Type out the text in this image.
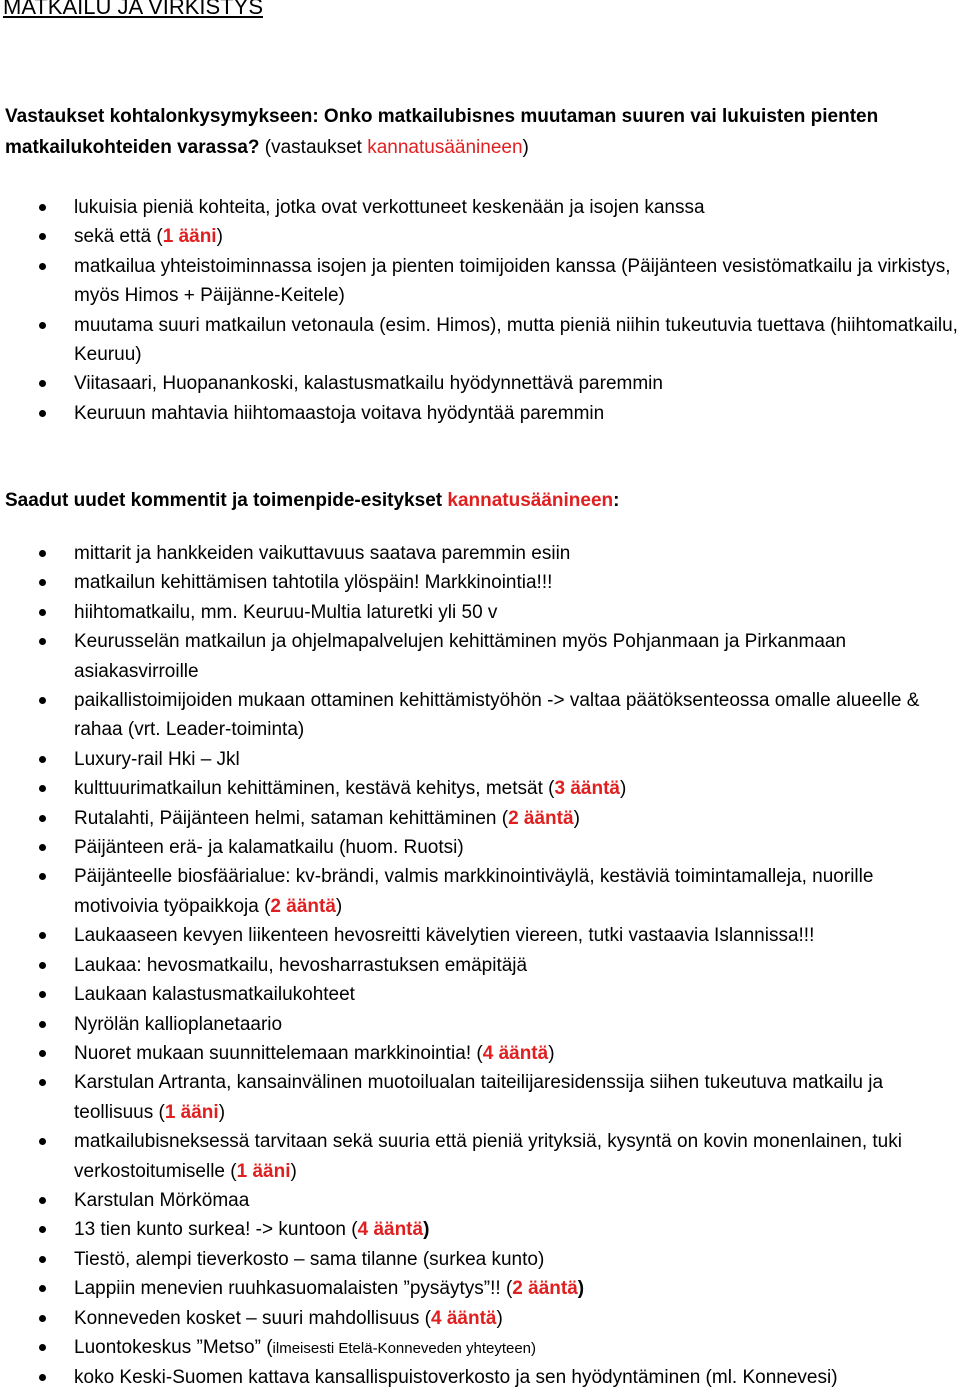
MATKAILU JA VIRKISTYS

Vastaukset kohtalonkysymykseen: Onko matkailubisnes muutaman suuren vai lukuisten pienten
matkailukohteiden varassa? (vastaukset kannatusäänineen)

lukuisia pieniä kohteita, jotka ovat verkottuneet keskenään ja isojen kanssa
sekä että (1 ääni)
matkailua yhteistoiminnassa isojen ja pienten toimijoiden kanssa (Päijänteen vesistömatkailu ja virkistys, myös Himos + Päijänne-Keitele)
muutama suuri matkailun vetonaula (esim. Himos), mutta pieniä niihin tukeutuvia tuettava (hiihtomatkailu, Keuruu)
Viitasaari, Huopanankoski, kalastusmatkailu hyödynnettävä paremmin
Keuruun mahtavia hiihtomaastoja voitava hyödyntää paremmin

Saadut uudet kommentit ja toimenpide-esitykset kannatusäänineen:

mittarit ja hankkeiden vaikuttavuus saatava paremmin esiin
matkailun kehittämisen tahtotila ylöspäin! Markkinointia!!!
hiihtomatkailu, mm. Keuruu-Multia laturetki yli 50 v
Keurusselän matkailun ja ohjelmapalvelujen kehittäminen myös Pohjanmaan ja Pirkanmaan asiakasvirroille
paikallistoimijoiden mukaan ottaminen kehittämistyöhön -> valtaa päätöksenteossa omalle alueelle & rahaa (vrt. Leader-toiminta)
Luxury-rail Hki – Jkl
kulttuurimatkailun kehittäminen, kestävä kehitys, metsät (3 ääntä)
Rutalahti, Päijänteen helmi, sataman kehittäminen (2 ääntä)
Päijänteen erä- ja kalamatkailu (huom. Ruotsi)
Päijänteelle biosfäärialue: kv-brändi, valmis markkinointiväylä, kestäviä toimintamalleja, nuorille motivoivia työpaikkoja (2 ääntä)
Laukaaseen kevyen liikenteen hevosreitti kävelytien viereen, tutki vastaavia Islannissa!!!
Laukaa: hevosmatkailu, hevosharrastuksen emäpitäjä
Laukaan kalastusmatkailukohteet
Nyrölän kallioplanetaario
Nuoret mukaan suunnittelemaan markkinointia! (4 ääntä)
Karstulan Artranta, kansainvälinen muotoilualan taiteilijaresidenssija siihen tukeutuva matkailu ja teollisuus (1 ääni)
matkailubisneksessä tarvitaan sekä suuria että pieniä yrityksiä, kysyntä on kovin monenlainen, tuki verkostoitumiselle (1 ääni)
Karstulan Mörkömaa
13 tien kunto surkea! -> kuntoon (4 ääntä)
Tiestö, alempi tieverkosto – sama tilanne (surkea kunto)
Lappiin menevien ruuhkasuomalaisten ”pysäytys”!! (2 ääntä)
Konneveden kosket – suuri mahdollisuus (4 ääntä)
Luontokeskus ”Metso” (ilmeisesti Etelä-Konneveden yhteyteen)
koko Keski-Suomen kattava kansallispuistoverkosto ja sen hyödyntäminen (ml. Konnevesi)
